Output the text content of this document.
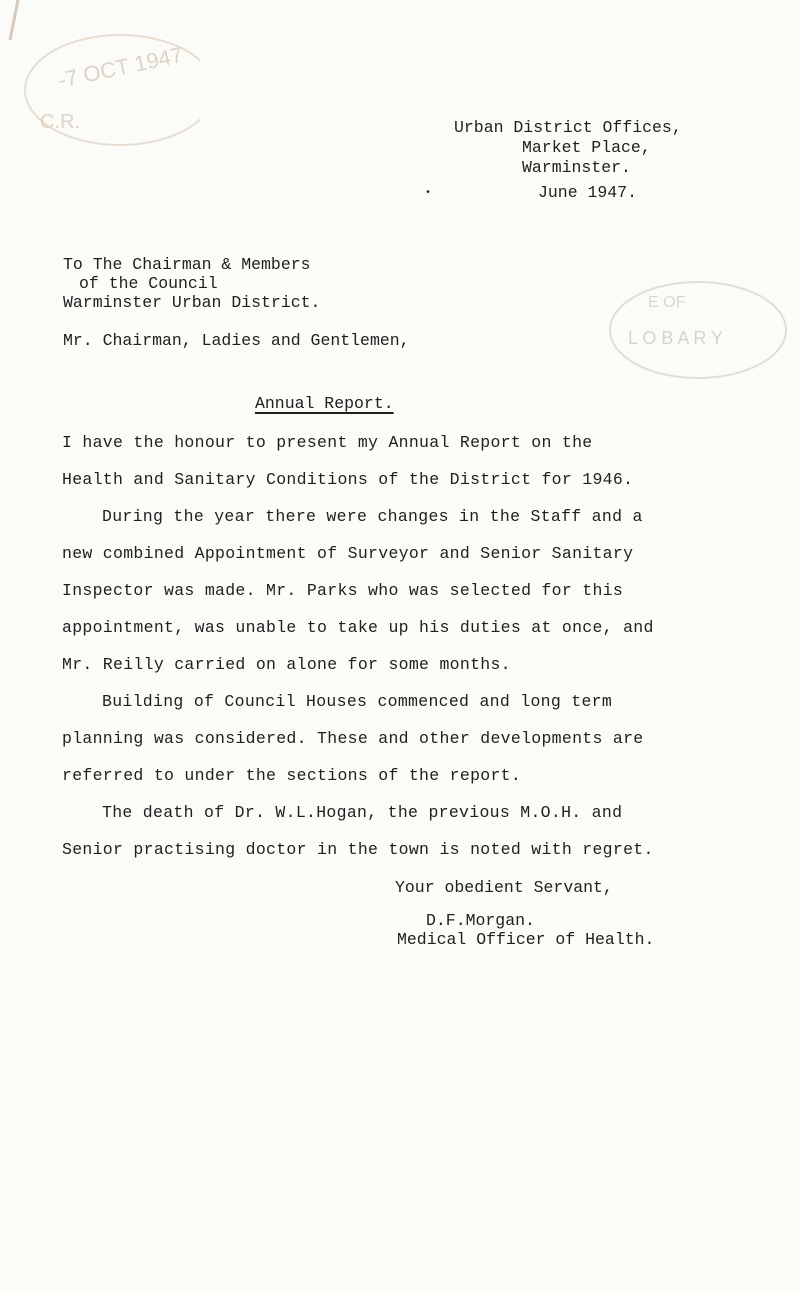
-7 OCT 1947
C.R.
E OF
L O B A R Y
Urban District Offices,
Market Place,
Warminster.
•	June 1947.
To The Chairman & Members
of the Council
Warminster Urban District.
Mr. Chairman, Ladies and Gentlemen,
Annual Report.
I have the honour to present my Annual Report on the
Health and Sanitary Conditions of the District for 1946.
During the year there were changes in the Staff and a
new combined Appointment of Surveyor and Senior Sanitary
Inspector was made. Mr. Parks who was selected for this
appointment, was unable to take up his duties at once, and
Mr. Reilly carried on alone for some months.
Building of Council Houses commenced and long term
planning was considered. These and other developments are
referred to under the sections of the report.
The death of Dr. W.L.Hogan, the previous M.O.H. and
Senior practising doctor in the town is noted with regret.
Your obedient Servant,
D.F.Morgan.
Medical Officer of Health.
